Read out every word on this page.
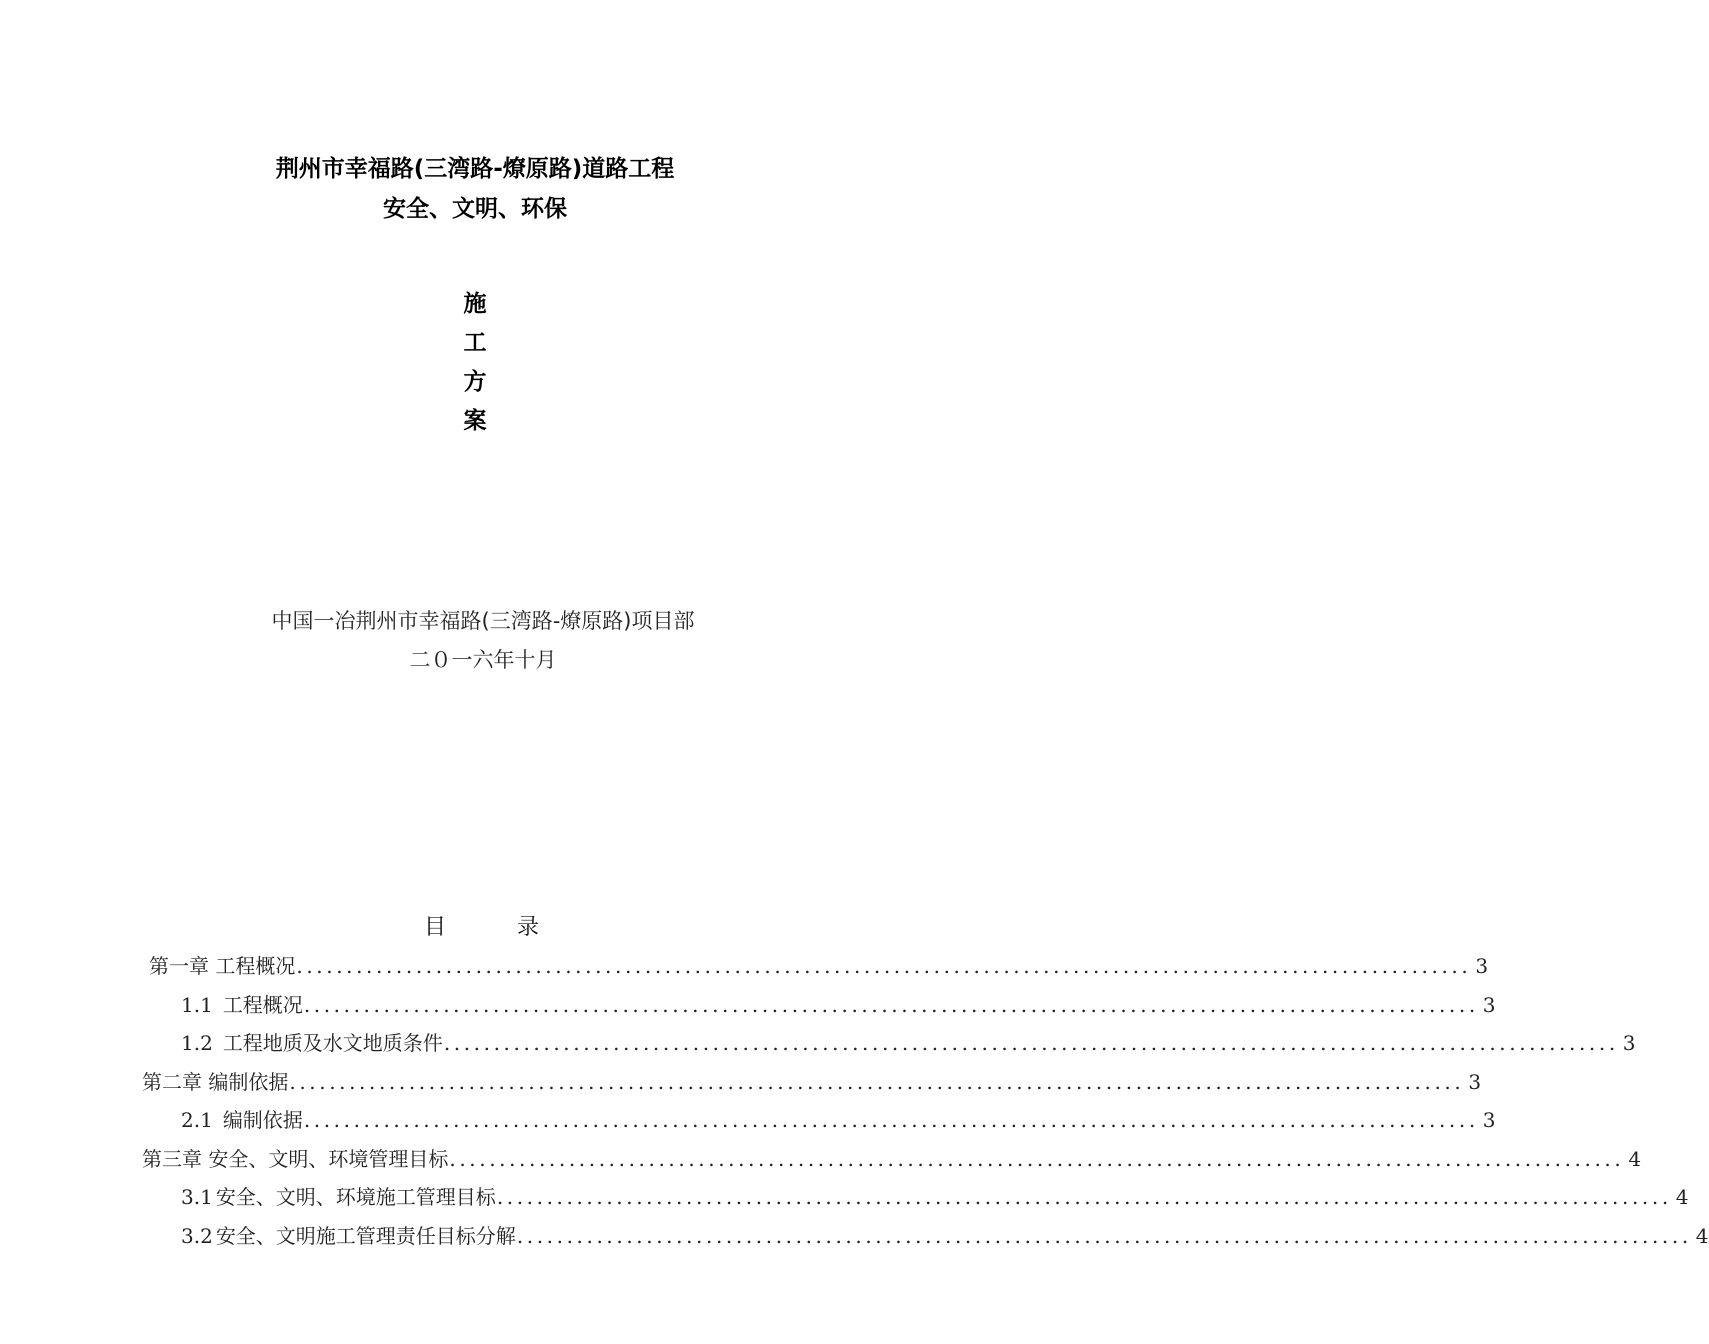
荆州市幸福路(三湾路-燎原路)道路工程
安全、文明、环保
施
工
方
案
中国一冶荆州市幸福路(三湾路-燎原路)项目部
二０一六年十月
目	录
第一章 工程概况 ...................................................................................................................... 3
1.1 工程概况 ...................................................................................................................... 3
1.2 工程地质及水文地质条件 ...................................................................................................................... 3
第二章 编制依据 ...................................................................................................................... 3
2.1 编制依据 ...................................................................................................................... 3
第三章 安全、文明、环境管理目标 ...................................................................................................................... 4
3.1 安全、文明、环境施工管理目标 ...................................................................................................................... 4
3.2 安全、文明施工管理责任目标分解 ...................................................................................................................... 4
